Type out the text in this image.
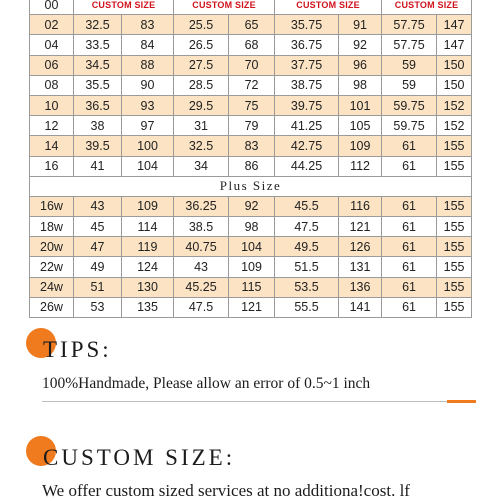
00	CUSTOM SIZE		CUSTOM SIZE		CUSTOM SIZE		CUSTOM SIZE	
02	32.5	83	25.5	65	35.75	91	57.75	147
04	33.5	84	26.5	68	36.75	92	57.75	147
06	34.5	88	27.5	70	37.75	96	59	150
08	35.5	90	28.5	72	38.75	98	59	150
10	36.5	93	29.5	75	39.75	101	59.75	152
12	38	97	31	79	41.25	105	59.75	152
14	39.5	100	32.5	83	42.75	109	61	155
16	41	104	34	86	44.25	112	61	155
Plus Size								
16w	43	109	36.25	92	45.5	116	61	155
18w	45	114	38.5	98	47.5	121	61	155
20w	47	119	40.75	104	49.5	126	61	155
22w	49	124	43	109	51.5	131	61	155
24w	51	130	45.25	115	53.5	136	61	155
26w	53	135	47.5	121	55.5	141	61	155
TIPS:
100%Handmade, Please allow an error of 0.5~1 inch
CUSTOM SIZE:
We offer custom sized services at no additiona!cost. lf
